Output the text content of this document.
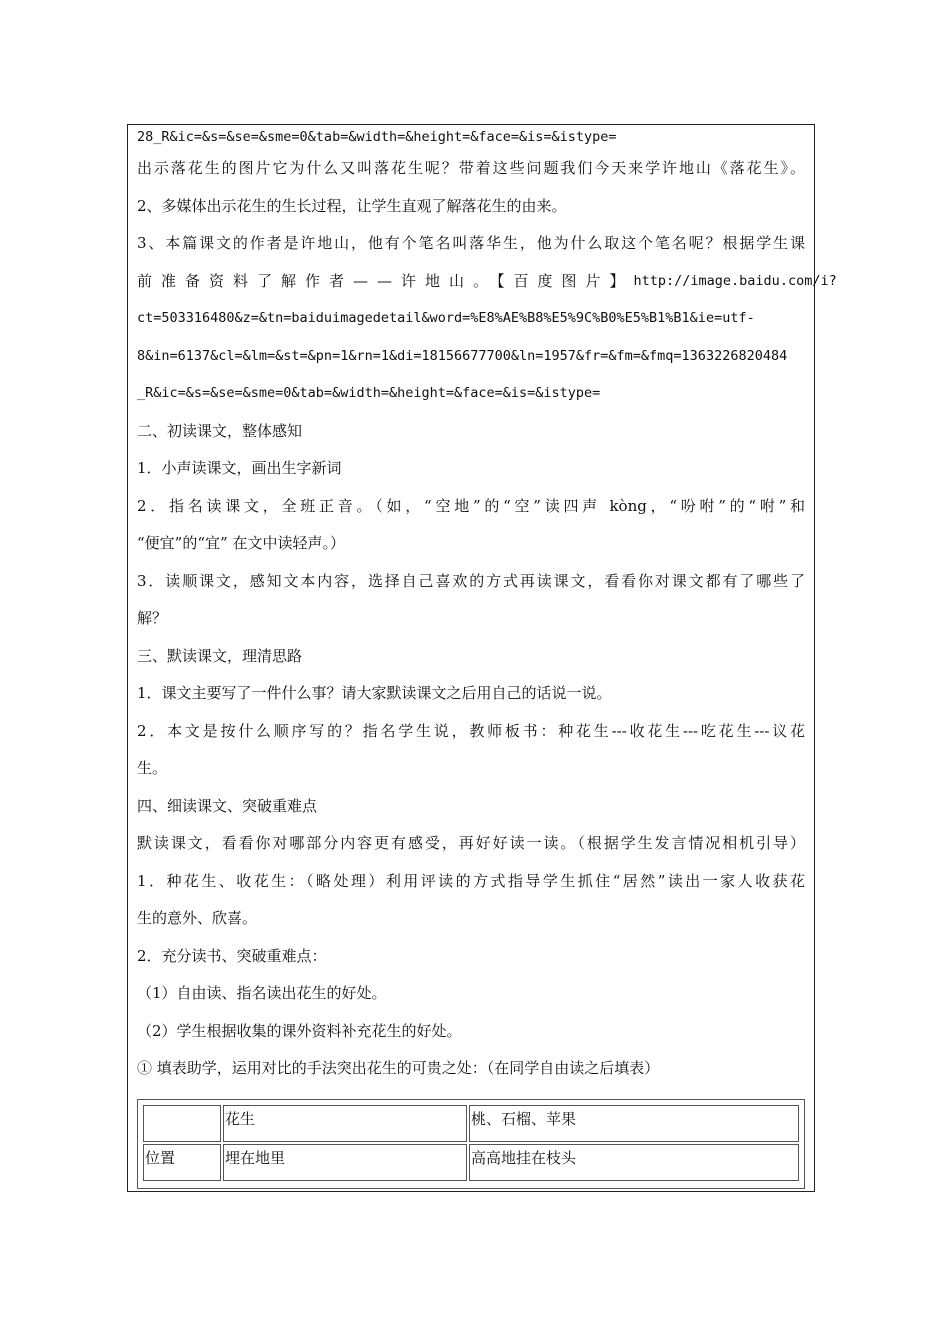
28_R&ic=&s=&se=&sme=0&tab=&width=&height=&face=&is=&istype=
出示落花生的图片它为什么又叫落花生呢？带着这些问题我们今天来学许地山《落花生》。
2、多媒体出示花生的生长过程，让学生直观了解落花生的由来。
3、本篇课文的作者是许地山，他有个笔名叫落华生，他为什么取这个笔名呢？根据学生课
前准备资料了解作者——许地山。【百度图片】 http://image.baidu.com/i?
ct=503316480&z=&tn=baiduimagedetail&word=%E8%AE%B8%E5%9C%B0%E5%B1%B1&ie=utf-
8&in=6137&cl=&lm=&st=&pn=1&rn=1&di=18156677700&ln=1957&fr=&fm=&fmq=1363226820484
_R&ic=&s=&se=&sme=0&tab=&width=&height=&face=&is=&istype=
二、初读课文，整体感知
1．小声读课文，画出生字新词
2．指名读课文，全班正音。（如，“空地”的“空”读四声 kòng，“吩咐”的“咐”和
“便宜”的“宜” 在文中读轻声。）
3．读顺课文，感知文本内容，选择自己喜欢的方式再读课文，看看你对课文都有了哪些了
解？
三、默读课文，理清思路
1．课文主要写了一件什么事？请大家默读课文之后用自己的话说一说。
2．本文是按什么顺序写的？指名学生说，教师板书：种花生---收花生---吃花生---议花
生。
四、细读课文、突破重难点
默读课文，看看你对哪部分内容更有感受，再好好读一读。（根据学生发言情况相机引导）
1．种花生、收花生：（略处理）利用评读的方式指导学生抓住“居然”读出一家人收获花
生的意外、欣喜。
2．充分读书、突破重难点：
（1）自由读、指名读出花生的好处。
（2）学生根据收集的课外资料补充花生的好处。
① 填表助学，运用对比的手法突出花生的可贵之处：（在同学自由读之后填表）
	花生	桃、石榴、苹果
位置	埋在地里	高高地挂在枝头
